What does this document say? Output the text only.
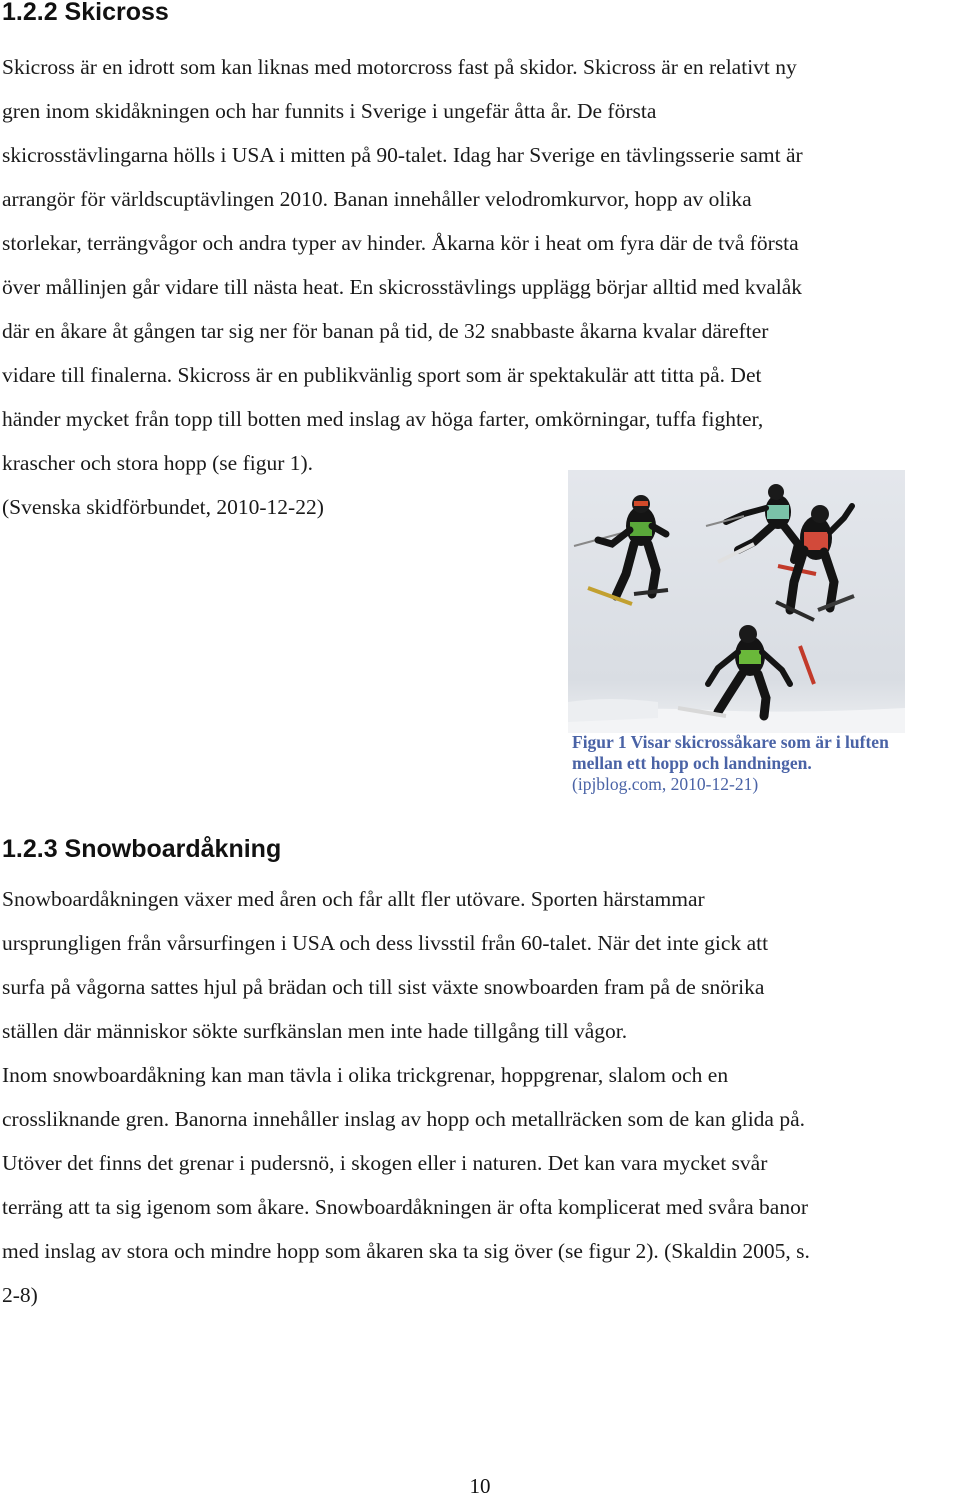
1.2.2 Skicross

Skicross är en idrott som kan liknas med motorcross fast på skidor. Skicross är en relativt ny

gren inom skidåkningen och har funnits i Sverige i ungefär åtta år. De första

skicrosstävlingarna hölls i USA i mitten på 90-talet. Idag har Sverige en tävlingsserie samt är

arrangör för världscuptävlingen 2010. Banan innehåller velodromkurvor, hopp av olika

storlekar, terrängvågor och andra typer av hinder. Åkarna kör i heat om fyra där de två första

över mållinjen går vidare till nästa heat. En skicrosstävlings upplägg börjar alltid med kvalåk

där en åkare åt gången tar sig ner för banan på tid, de 32 snabbaste åkarna kvalar därefter

vidare till finalerna. Skicross är en publikvänlig sport som är spektakulär att titta på. Det

händer mycket från topp till botten med inslag av höga farter, omkörningar, tuffa fighter,

krascher och stora hopp (se figur 1).

(Svenska skidförbundet, 2010-12-22)

Figur 1 Visar skicrossåkare som är i luften mellan ett hopp och landningen.
(ipjblog.com, 2010-12-21)

1.2.3 Snowboardåkning

Snowboardåkningen växer med åren och får allt fler utövare. Sporten härstammar

ursprungligen från vårsurfingen i USA och dess livsstil från 60-talet. När det inte gick att

surfa på vågorna sattes hjul på brädan och till sist växte snowboarden fram på de snörika

ställen där människor sökte surfkänslan men inte hade tillgång till vågor.

Inom snowboardåkning kan man tävla i olika trickgrenar, hoppgrenar, slalom och en

crossliknande gren. Banorna innehåller inslag av hopp och metallräcken som de kan glida på.

Utöver det finns det grenar i pudersnö, i skogen eller i naturen. Det kan vara mycket svår

terräng att ta sig igenom som åkare. Snowboardåkningen är ofta komplicerat med svåra banor

med inslag av stora och mindre hopp som åkaren ska ta sig över (se figur 2). (Skaldin 2005, s.

2-8)

10
